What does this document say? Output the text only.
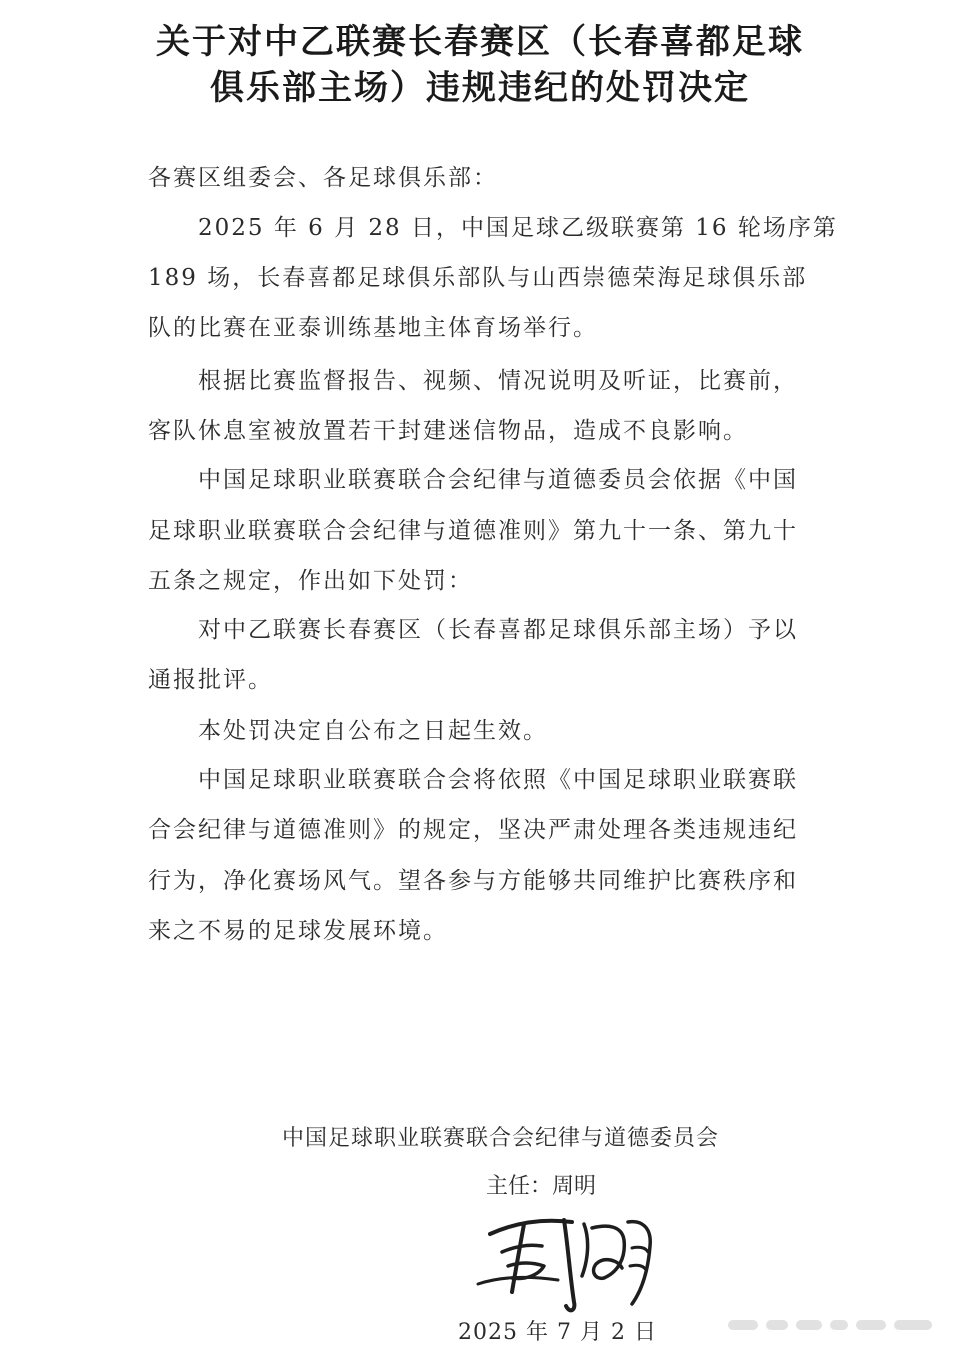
关于对中乙联赛长春赛区（长春喜都足球
俱乐部主场）违规违纪的处罚决定
各赛区组委会、各足球俱乐部：
　　2025 年 6 月 28 日，中国足球乙级联赛第 16 轮场序第
189 场，长春喜都足球俱乐部队与山西崇德荣海足球俱乐部
队的比赛在亚泰训练基地主体育场举行。
　　根据比赛监督报告、视频、情况说明及听证，比赛前，
客队休息室被放置若干封建迷信物品，造成不良影响。
　　中国足球职业联赛联合会纪律与道德委员会依据《中国
足球职业联赛联合会纪律与道德准则》第九十一条、第九十
五条之规定，作出如下处罚：
　　对中乙联赛长春赛区（长春喜都足球俱乐部主场）予以
通报批评。
　　本处罚决定自公布之日起生效。
　　中国足球职业联赛联合会将依照《中国足球职业联赛联
合会纪律与道德准则》的规定，坚决严肃处理各类违规违纪
行为，净化赛场风气。望各参与方能够共同维护比赛秩序和
来之不易的足球发展环境。
中国足球职业联赛联合会纪律与道德委员会
主任：周明
2025 年 7 月 2 日
